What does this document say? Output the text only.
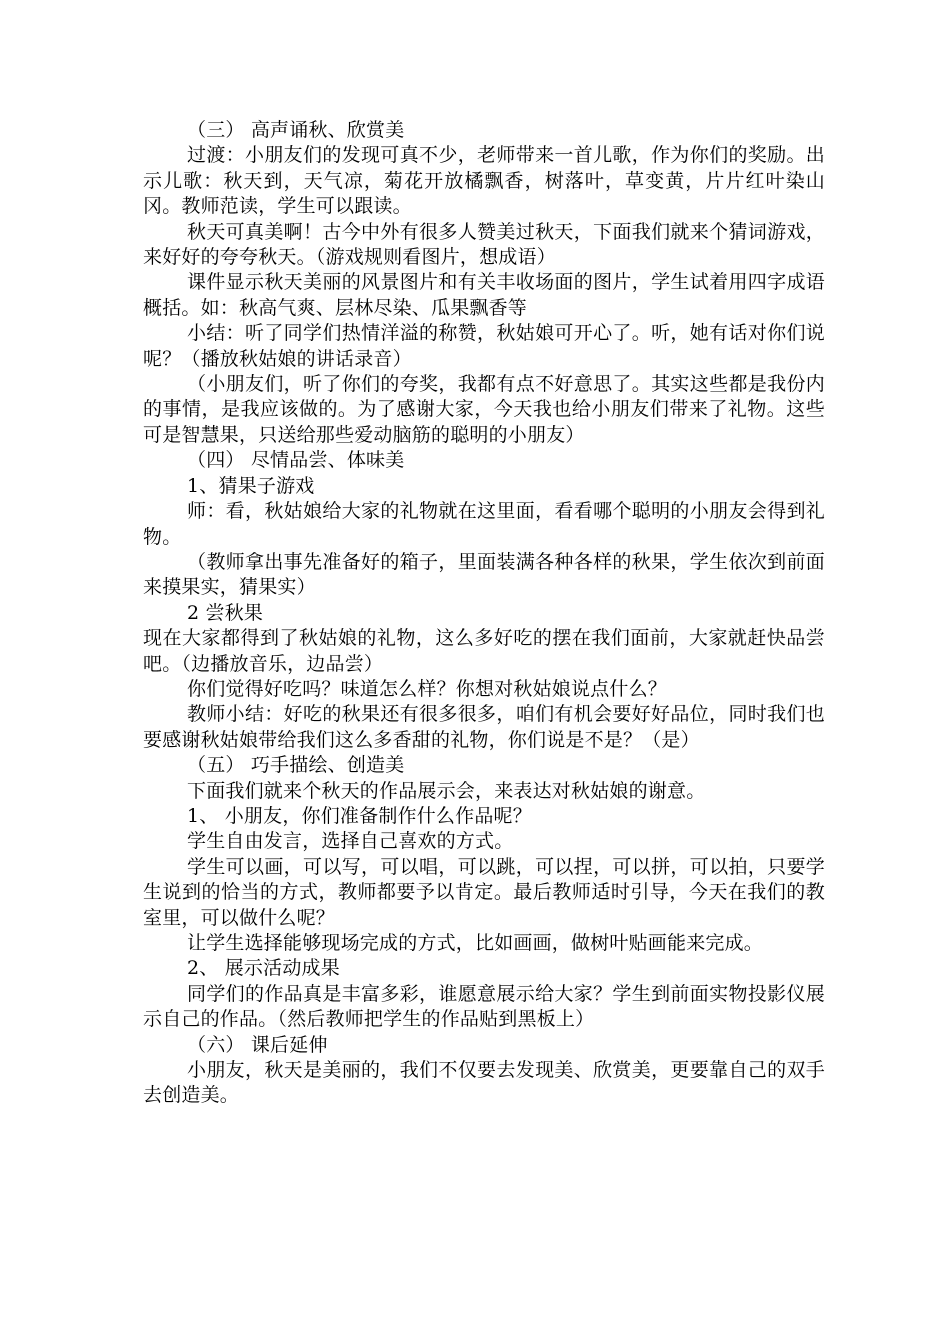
（三） 高声诵秋、欣赏美

过渡：小朋友们的发现可真不少，老师带来一首儿歌，作为你们的奖励。出示儿歌：秋天到，天气凉，菊花开放橘飘香，树落叶，草变黄，片片红叶染山冈。教师范读，学生可以跟读。

秋天可真美啊！古今中外有很多人赞美过秋天，下面我们就来个猜词游戏，来好好的夸夸秋天。（游戏规则看图片，想成语）

课件显示秋天美丽的风景图片和有关丰收场面的图片，学生试着用四字成语概括。如：秋高气爽、层林尽染、瓜果飘香等

小结：听了同学们热情洋溢的称赞，秋姑娘可开心了。听，她有话对你们说呢？（播放秋姑娘的讲话录音）

（小朋友们，听了你们的夸奖，我都有点不好意思了。其实这些都是我份内的事情，是我应该做的。为了感谢大家，今天我也给小朋友们带来了礼物。这些可是智慧果，只送给那些爱动脑筋的聪明的小朋友）

（四） 尽情品尝、体味美

1、猜果子游戏

师：看，秋姑娘给大家的礼物就在这里面，看看哪个聪明的小朋友会得到礼物。

（教师拿出事先准备好的箱子，里面装满各种各样的秋果，学生依次到前面来摸果实，猜果实）

2 尝秋果

现在大家都得到了秋姑娘的礼物，这么多好吃的摆在我们面前，大家就赶快品尝吧。（边播放音乐，边品尝）

你们觉得好吃吗？味道怎么样？你想对秋姑娘说点什么？

教师小结：好吃的秋果还有很多很多，咱们有机会要好好品位，同时我们也要感谢秋姑娘带给我们这么多香甜的礼物，你们说是不是？（是）

（五） 巧手描绘、创造美

下面我们就来个秋天的作品展示会，来表达对秋姑娘的谢意。

1、 小朋友，你们准备制作什么作品呢？

学生自由发言，选择自己喜欢的方式。

学生可以画，可以写，可以唱，可以跳，可以捏，可以拼，可以拍，只要学生说到的恰当的方式，教师都要予以肯定。最后教师适时引导，今天在我们的教室里，可以做什么呢？

让学生选择能够现场完成的方式，比如画画，做树叶贴画能来完成。

2、 展示活动成果

同学们的作品真是丰富多彩，谁愿意展示给大家？学生到前面实物投影仪展示自己的作品。（然后教师把学生的作品贴到黑板上）

（六） 课后延伸

小朋友，秋天是美丽的，我们不仅要去发现美、欣赏美，更要靠自己的双手去创造美。
